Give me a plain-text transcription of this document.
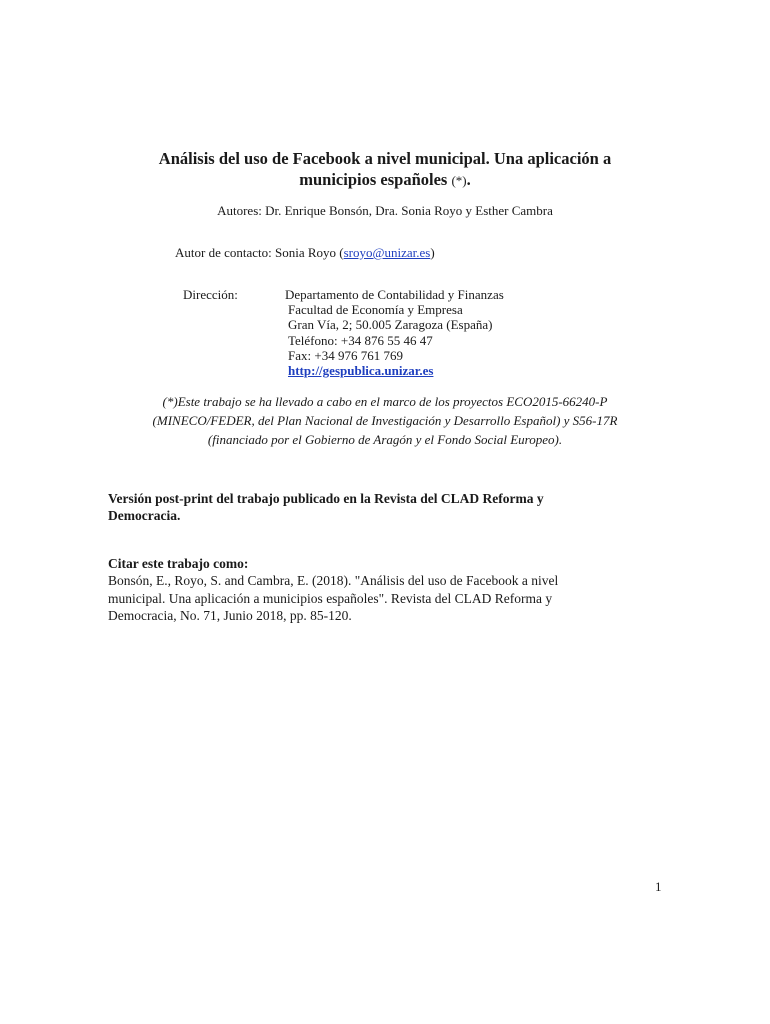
Análisis del uso de Facebook a nivel municipal. Una aplicación a
municipios españoles (*).
Autores: Dr. Enrique Bonsón, Dra. Sonia Royo y Esther Cambra
Autor de contacto: Sonia Royo (sroyo@unizar.es)
Dirección:	Departamento de Contabilidad y Finanzas
Facultad de Economía y Empresa
Gran Vía, 2; 50.005 Zaragoza (España)
Teléfono: +34 876 55 46 47
Fax: +34 976 761 769
http://gespublica.unizar.es
(*)Este trabajo se ha llevado a cabo en el marco de los proyectos ECO2015-66240-P
(MINECO/FEDER, del Plan Nacional de Investigación y Desarrollo Español) y S56-17R
(financiado por el Gobierno de Aragón y el Fondo Social Europeo).
Versión post-print del trabajo publicado en la Revista del CLAD Reforma y
Democracia.
Citar este trabajo como:
Bonsón, E., Royo, S. and Cambra, E. (2018). "Análisis del uso de Facebook a nivel
municipal. Una aplicación a municipios españoles". Revista del CLAD Reforma y
Democracia, No. 71, Junio 2018, pp. 85-120.
1
